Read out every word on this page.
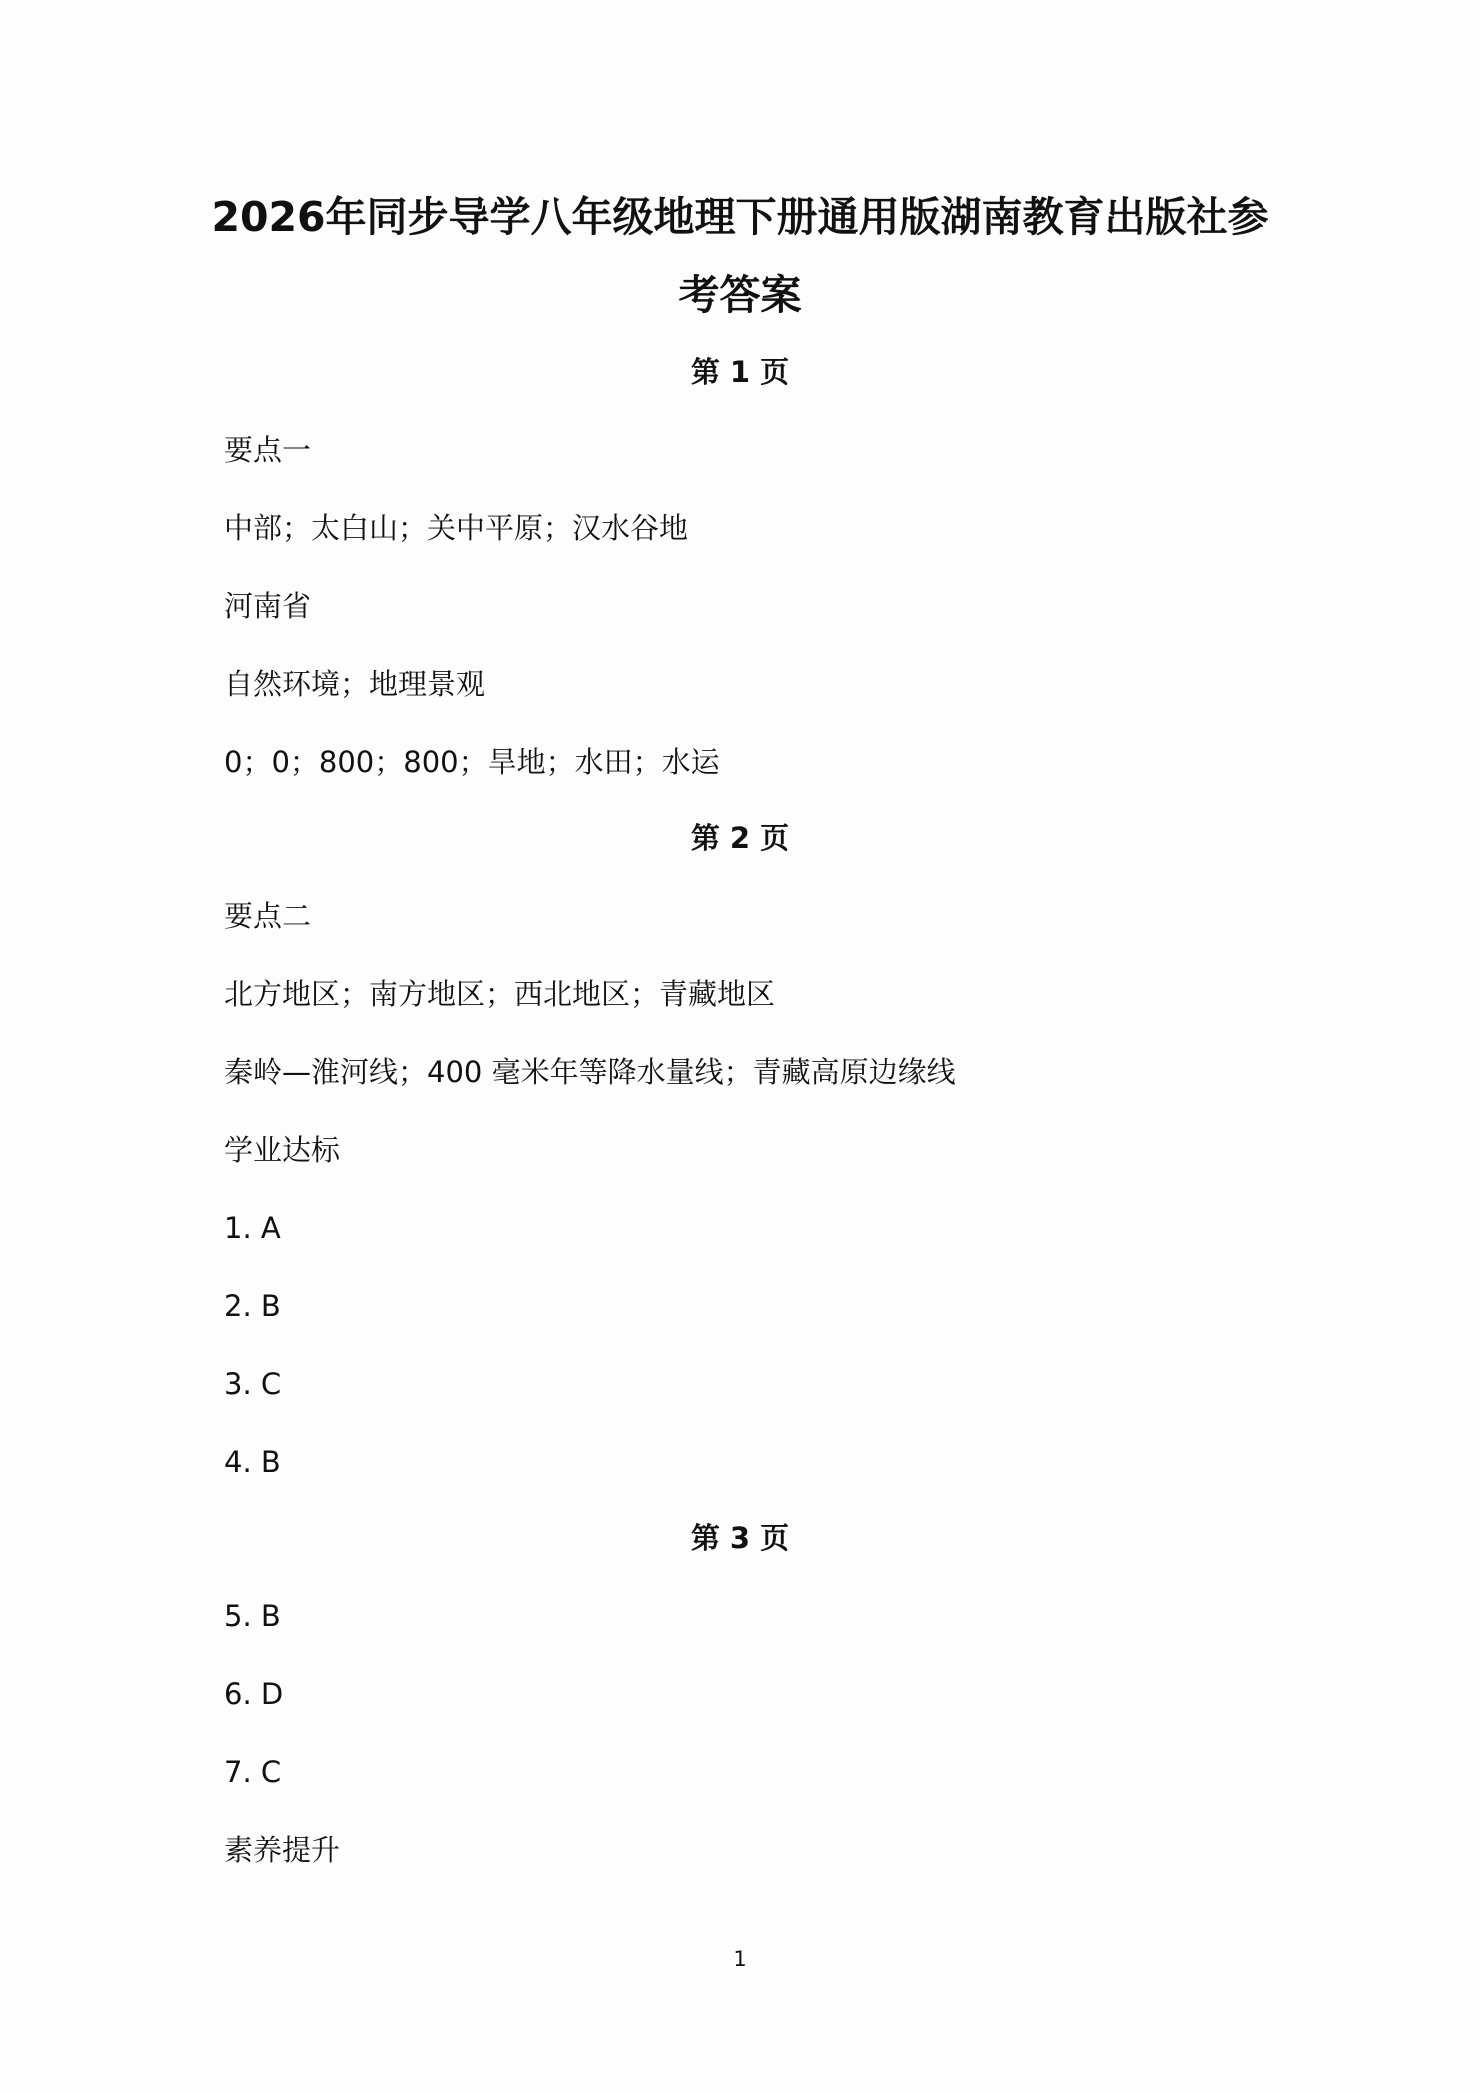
2026年同步导学八年级地理下册通用版湖南教育出版社参
考答案
第 1 页

要点一

中部；太白山；关中平原；汉水谷地

河南省

自然环境；地理景观

0；0；800；800；旱地；水田；水运

第 2 页

要点二

北方地区；南方地区；西北地区；青藏地区

秦岭—淮河线；400 毫米年等降水量线；青藏高原边缘线

学业达标

1. A

2. B

3. C

4. B

第 3 页

5. B

6. D

7. C

素养提升

1
